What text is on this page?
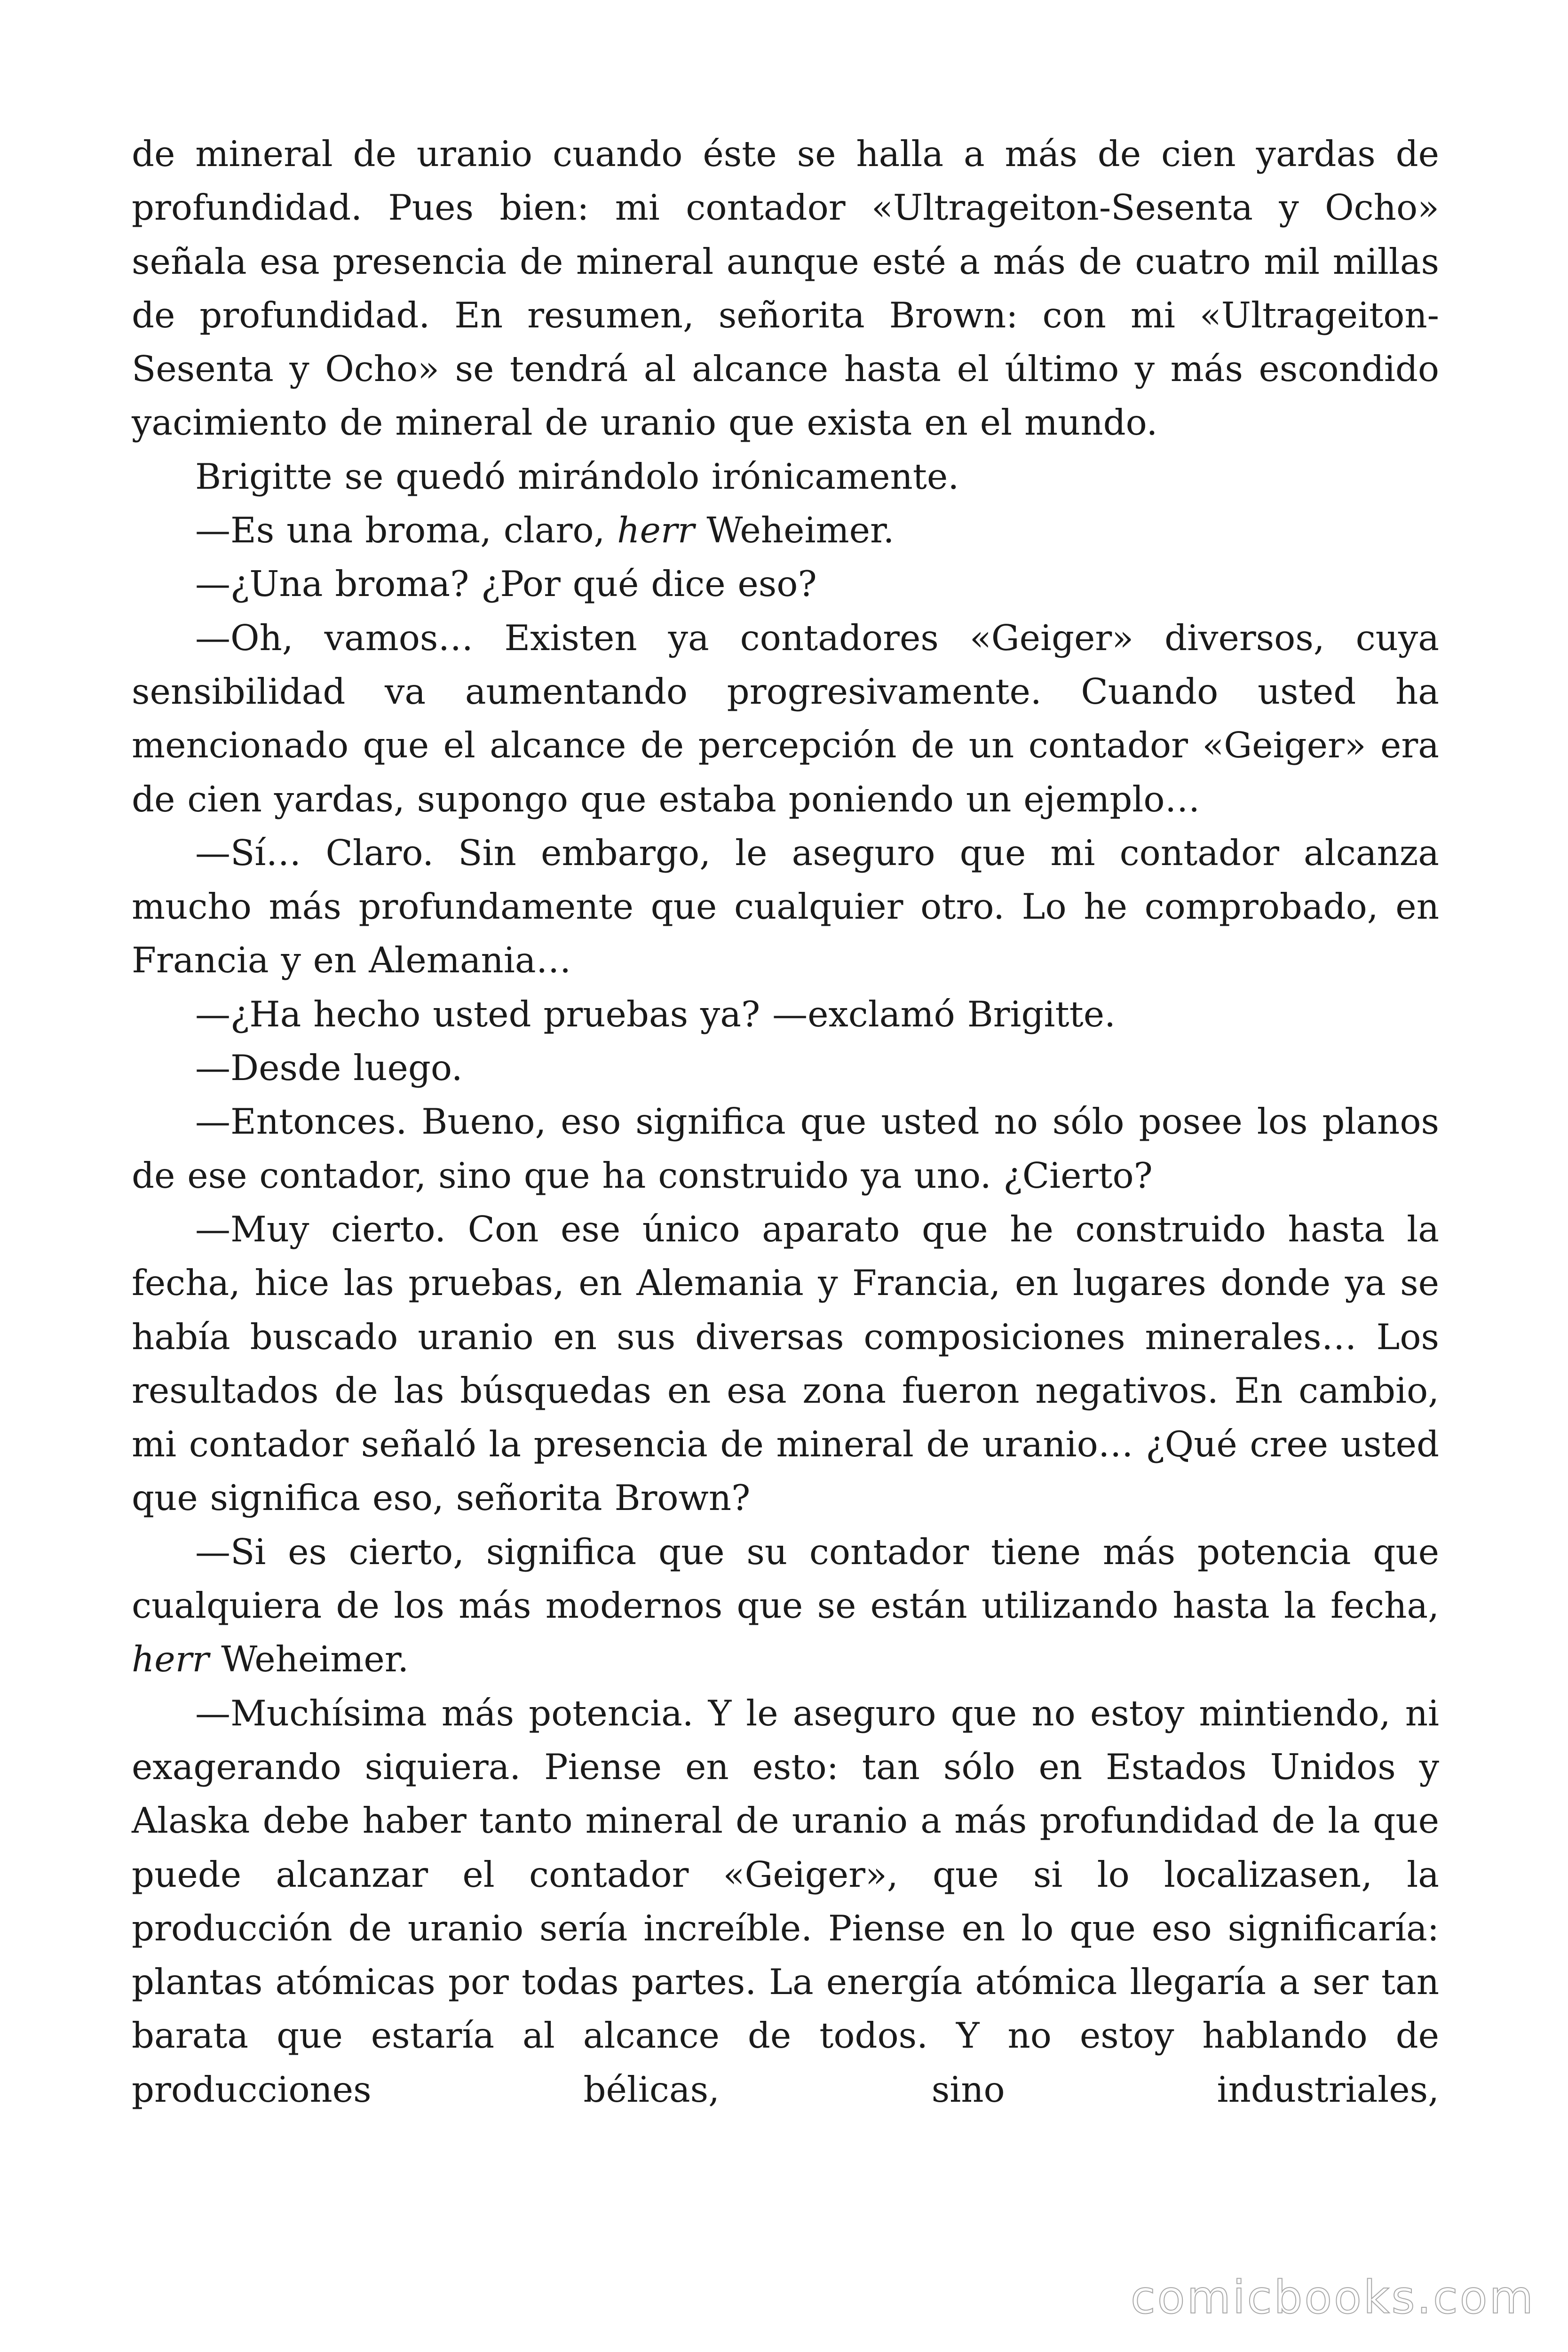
de mineral de uranio cuando éste se halla a más de cien yardas de profundidad. Pues bien: mi contador «Ultrageiton-Sesenta y Ocho» señala esa presencia de mineral aunque esté a más de cuatro mil millas de profundidad. En resumen, señorita Brown: con mi «Ultrageiton-Sesenta y Ocho» se tendrá al alcance hasta el último y más escondido yacimiento de mineral de uranio que exista en el mundo.

Brigitte se quedó mirándolo irónicamente.

—Es una broma, claro, herr Weheimer.

—¿Una broma? ¿Por qué dice eso?

—Oh, vamos… Existen ya contadores «Geiger» diversos, cuya sensibilidad va aumentando progresivamente. Cuando usted ha mencionado que el alcance de percepción de un contador «Geiger» era de cien yardas, supongo que estaba poniendo un ejemplo…

—Sí… Claro. Sin embargo, le aseguro que mi contador alcanza mucho más profundamente que cualquier otro. Lo he comprobado, en Francia y en Alemania…

—¿Ha hecho usted pruebas ya? —exclamó Brigitte.

—Desde luego.

—Entonces. Bueno, eso significa que usted no sólo posee los planos de ese contador, sino que ha construido ya uno. ¿Cierto?

—Muy cierto. Con ese único aparato que he construido hasta la fecha, hice las pruebas, en Alemania y Francia, en lugares donde ya se había buscado uranio en sus diversas composiciones minerales… Los resultados de las búsquedas en esa zona fueron negativos. En cambio, mi contador señaló la presencia de mineral de uranio… ¿Qué cree usted que significa eso, señorita Brown?

—Si es cierto, significa que su contador tiene más potencia que cualquiera de los más modernos que se están utilizando hasta la fecha, herr Weheimer.

—Muchísima más potencia. Y le aseguro que no estoy mintiendo, ni exagerando siquiera. Piense en esto: tan sólo en Estados Unidos y Alaska debe haber tanto mineral de uranio a más profundidad de la que puede alcanzar el contador «Geiger», que si lo localizasen, la producción de uranio sería increíble. Piense en lo que eso significaría: plantas atómicas por todas partes. La energía atómica llegaría a ser tan barata que estaría al alcance de todos. Y no estoy hablando de producciones bélicas, sino industriales,

comicbooks.com
